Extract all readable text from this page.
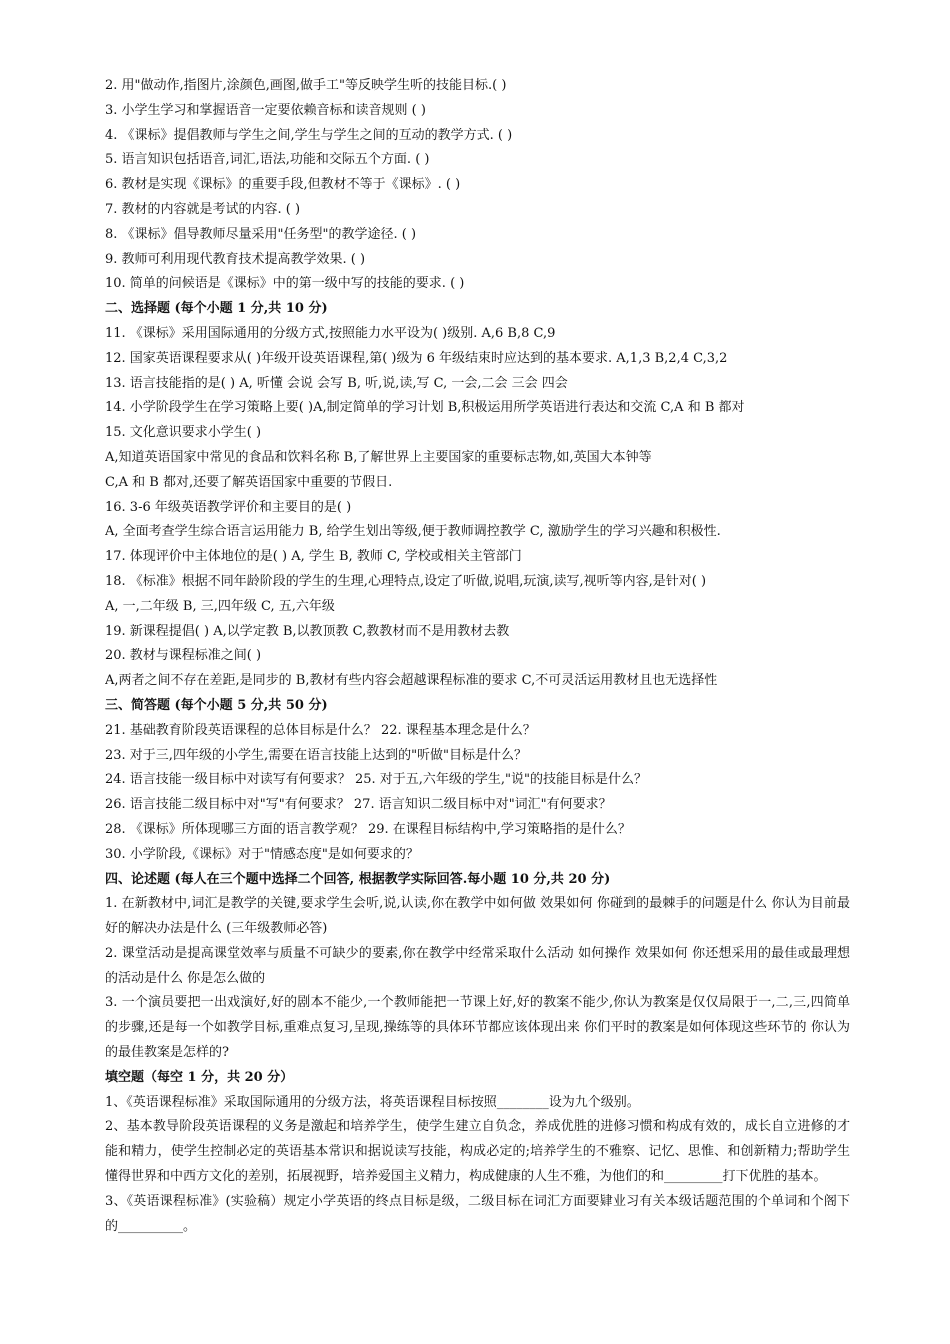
2. 用"做动作,指图片,涂颜色,画图,做手工"等反映学生听的技能目标.( )
3. 小学生学习和掌握语音一定要依赖音标和读音规则 ( )
4. 《课标》提倡教师与学生之间,学生与学生之间的互动的教学方式. ( )
5. 语言知识包括语音,词汇,语法,功能和交际五个方面. ( )
6. 教材是实现《课标》的重要手段,但教材不等于《课标》. ( )
7. 教材的内容就是考试的内容. ( )
8. 《课标》倡导教师尽量采用"任务型"的教学途径. ( )
9. 教师可利用现代教育技术提高教学效果. ( )
10. 简单的问候语是《课标》中的第一级中写的技能的要求. ( )
二、选择题 (每个小题 1 分,共 10 分)
11. 《课标》采用国际通用的分级方式,按照能力水平设为( )级别. A,6 B,8 C,9
12. 国家英语课程要求从( )年级开设英语课程,第( )级为 6 年级结束时应达到的基本要求. A,1,3 B,2,4 C,3,2
13. 语言技能指的是( ) A, 听懂 会说 会写 B, 听,说,读,写 C, 一会,二会 三会 四会
14. 小学阶段学生在学习策略上要( )A,制定简单的学习计划 B,积极运用所学英语进行表达和交流 C,A 和 B 都对
15. 文化意识要求小学生( )
A,知道英语国家中常见的食品和饮料名称 B,了解世界上主要国家的重要标志物,如,英国大本钟等
C,A 和 B 都对,还要了解英语国家中重要的节假日.
16. 3-6 年级英语教学评价和主要目的是( )
A, 全面考查学生综合语言运用能力 B, 给学生划出等级,便于教师调控教学 C, 激励学生的学习兴趣和积极性.
17. 体现评价中主体地位的是( ) A, 学生 B, 教师 C, 学校或相关主管部门
18. 《标准》根据不同年龄阶段的学生的生理,心理特点,设定了听做,说唱,玩演,读写,视听等内容,是针对( )
A, 一,二年级 B, 三,四年级 C, 五,六年级
19. 新课程提倡( ) A,以学定教 B,以教顶教 C,教教材而不是用教材去教
20. 教材与课程标准之间( )
A,两者之间不存在差距,是同步的 B,教材有些内容会超越课程标准的要求 C,不可灵活运用教材且也无选择性
三、简答题 (每个小题 5 分,共 50 分)
21. 基础教育阶段英语课程的总体目标是什么？ 22. 课程基本理念是什么？
23. 对于三,四年级的小学生,需要在语言技能上达到的"听做"目标是什么？
24. 语言技能一级目标中对读写有何要求？ 25. 对于五,六年级的学生,"说"的技能目标是什么？
26. 语言技能二级目标中对"写"有何要求？ 27. 语言知识二级目标中对"词汇"有何要求？
28. 《课标》所体现哪三方面的语言教学观？ 29. 在课程目标结构中,学习策略指的是什么？
30. 小学阶段,《课标》对于"情感态度"是如何要求的？
四、论述题 (每人在三个题中选择二个回答, 根据教学实际回答.每小题 10 分,共 20 分)
1. 在新教材中,词汇是教学的关键,要求学生会听,说,认读,你在教学中如何做 效果如何 你碰到的最棘手的问题是什么 你认为目前最好的解决办法是什么 (三年级教师必答)
2. 课堂活动是提高课堂效率与质量不可缺少的要素,你在教学中经常采取什么活动 如何操作 效果如何 你还想采用的最佳或最理想的活动是什么 你是怎么做的
3. 一个演员要把一出戏演好,好的剧本不能少,一个教师能把一节课上好,好的教案不能少,你认为教案是仅仅局限于一,二,三,四简单的步骤,还是每一个如教学目标,重难点复习,呈现,操练等的具体环节都应该体现出来 你们平时的教案是如何体现这些环节的 你认为的最佳教案是怎样的?
填空题（每空 1 分，共 20 分）
1、《英语课程标准》采取国际通用的分级方法，将英语课程目标按照________设为九个级别。
2、基本教导阶段英语课程的义务是激起和培养学生，使学生建立自负念，养成优胜的进修习惯和构成有效的，成长自立进修的才能和精力，使学生控制必定的英语基本常识和据说读写技能，构成必定的;培养学生的不雅察、记忆、思惟、和创新精力;帮助学生懂得世界和中西方文化的差别，拓展视野，培养爱国主义精力，构成健康的人生不雅，为他们的和_________打下优胜的基本。
3、《英语课程标准》(实验稿）规定小学英语的终点目标是级，二级目标在词汇方面要肄业习有关本级话题范围的个单词和个阁下的__________。
